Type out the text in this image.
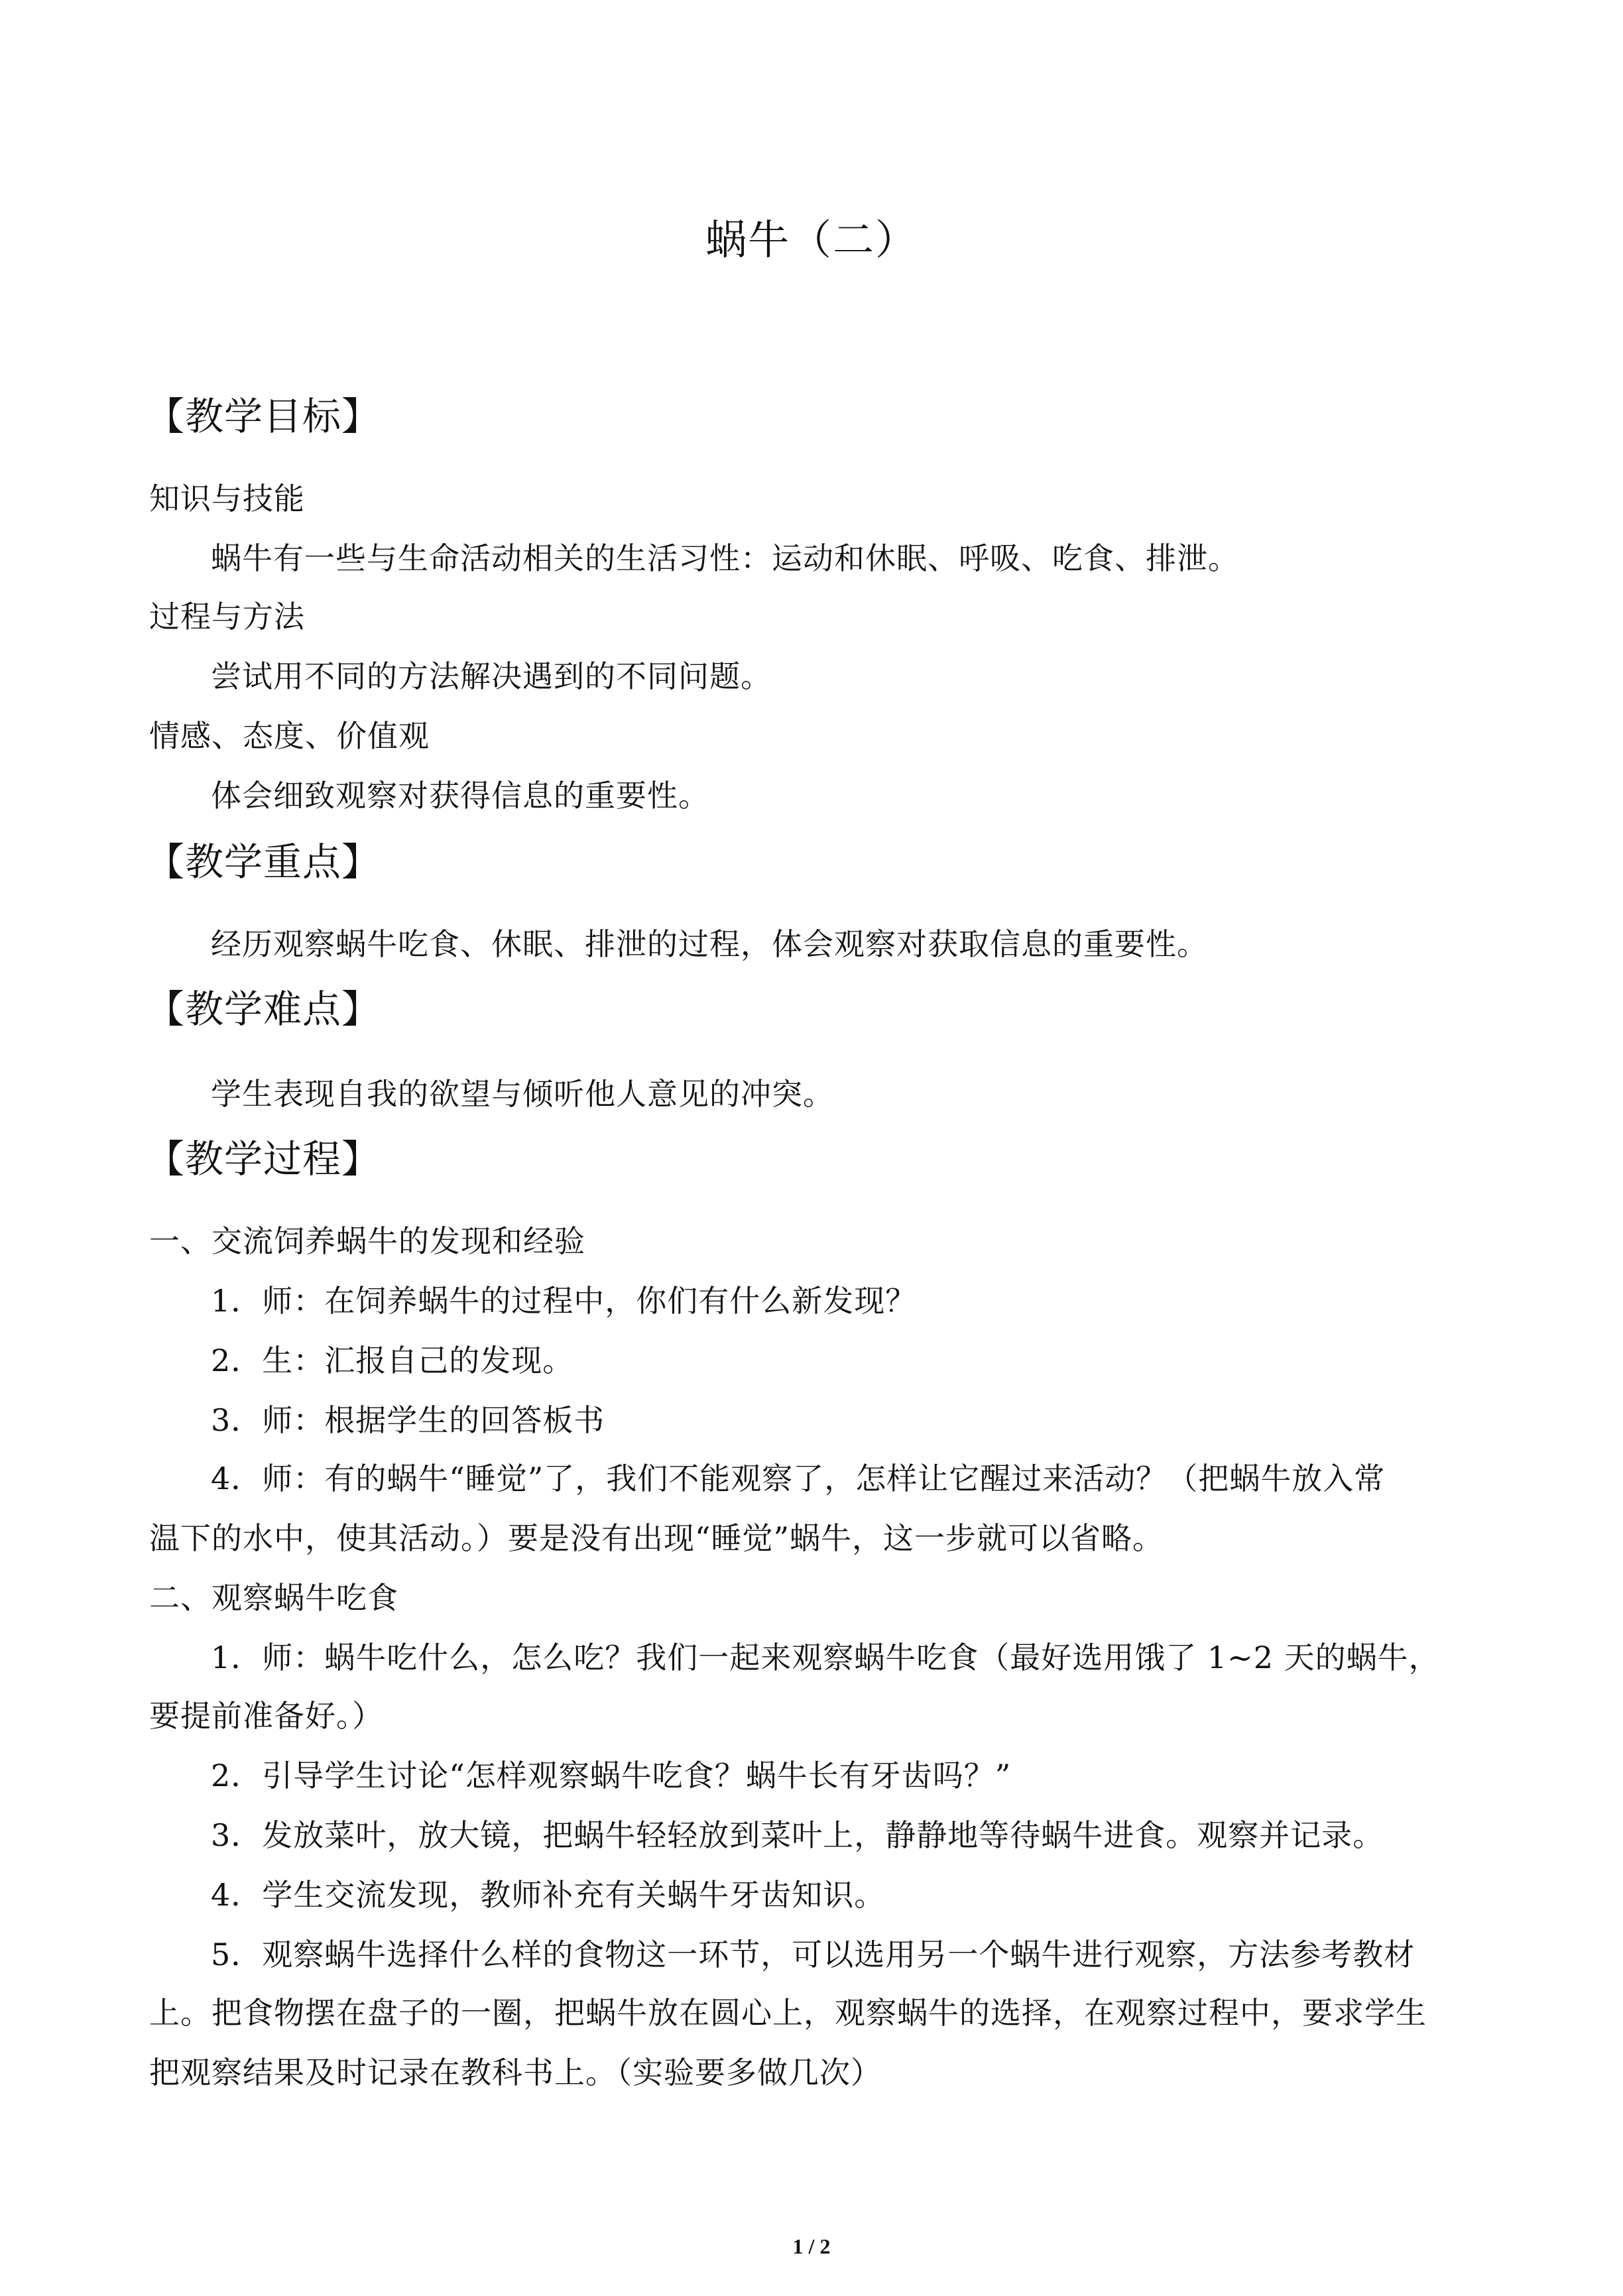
蜗牛（二）
【教学目标】
知识与技能
蜗牛有一些与生命活动相关的生活习性：运动和休眠、呼吸、吃食、排泄。
过程与方法
尝试用不同的方法解决遇到的不同问题。
情感、态度、价值观
体会细致观察对获得信息的重要性。
【教学重点】
经历观察蜗牛吃食、休眠、排泄的过程，体会观察对获取信息的重要性。
【教学难点】
学生表现自我的欲望与倾听他人意见的冲突。
【教学过程】
一、交流饲养蜗牛的发现和经验
1．师：在饲养蜗牛的过程中，你们有什么新发现？
2．生：汇报自己的发现。
3．师：根据学生的回答板书
4．师：有的蜗牛“睡觉”了，我们不能观察了，怎样让它醒过来活动？（把蜗牛放入常
温下的水中，使其活动。）要是没有出现“睡觉”蜗牛，这一步就可以省略。
二、观察蜗牛吃食
1．师：蜗牛吃什么，怎么吃？我们一起来观察蜗牛吃食（最好选用饿了 1~2 天的蜗牛，
要提前准备好。）
2．引导学生讨论“怎样观察蜗牛吃食？蜗牛长有牙齿吗？”
3．发放菜叶，放大镜，把蜗牛轻轻放到菜叶上，静静地等待蜗牛进食。观察并记录。
4．学生交流发现，教师补充有关蜗牛牙齿知识。
5．观察蜗牛选择什么样的食物这一环节，可以选用另一个蜗牛进行观察，方法参考教材
上。把食物摆在盘子的一圈，把蜗牛放在圆心上，观察蜗牛的选择，在观察过程中，要求学生
把观察结果及时记录在教科书上。（实验要多做几次）
1 / 2
